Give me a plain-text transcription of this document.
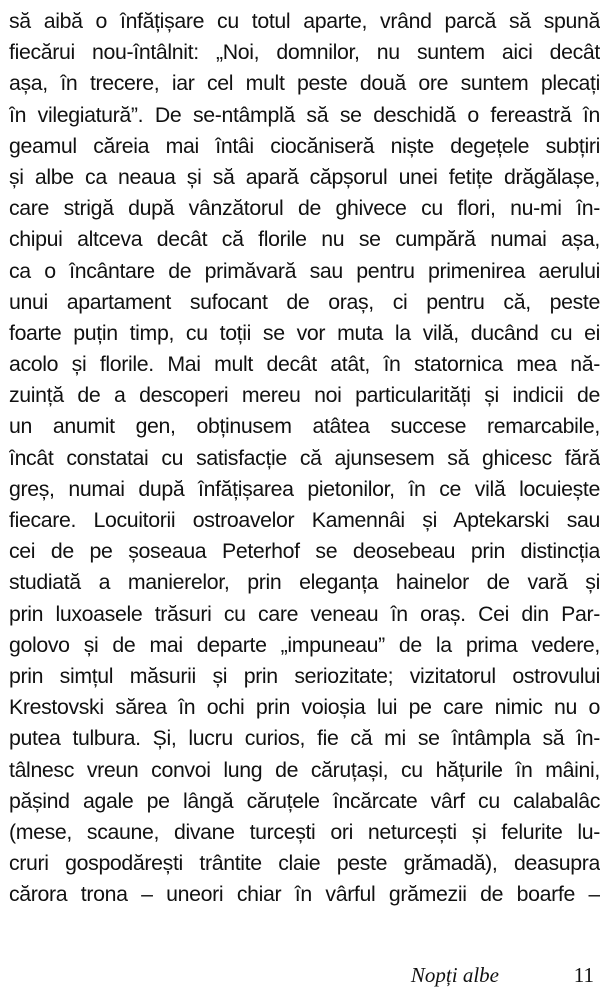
să aibă o înfățișare cu totul aparte, vrând parcă să spună
fiecărui nou-întâlnit: „Noi, domnilor, nu suntem aici decât
așa, în trecere, iar cel mult peste două ore suntem plecați
în vilegiatură”. De se-ntâmplă să se deschidă o fereastră în
geamul căreia mai întâi ciocăniseră niște degețele subțiri
și albe ca neaua și să apară căpșorul unei fetițe drăgălașe,
care strigă după vânzătorul de ghivece cu flori, nu-mi în-
chipui altceva decât că florile nu se cumpără numai așa,
ca o încântare de primăvară sau pentru primenirea aerului
unui apartament sufocant de oraș, ci pentru că, peste
foarte puțin timp, cu toții se vor muta la vilă, ducând cu ei
acolo și florile. Mai mult decât atât, în statornica mea nă-
zuință de a descoperi mereu noi particularități și indicii de
un anumit gen, obținusem atâtea succese remarcabile,
încât constatai cu satisfacție că ajunsesem să ghicesc fără
greș, numai după înfățișarea pietonilor, în ce vilă locuiește
fiecare. Locuitorii ostroavelor Kamennâi și Aptekarski sau
cei de pe șoseaua Peterhof se deosebeau prin distincția
studiată a manierelor, prin eleganța hainelor de vară și
prin luxoasele trăsuri cu care veneau în oraș. Cei din Par-
golovo și de mai departe „impuneau” de la prima vedere,
prin simțul măsurii și prin seriozitate; vizitatorul ostrovului
Krestovski sărea în ochi prin voioșia lui pe care nimic nu o
putea tulbura. Și, lucru curios, fie că mi se întâmpla să în-
tâlnesc vreun convoi lung de căruțași, cu hățurile în mâini,
pășind agale pe lângă căruțele încărcate vârf cu calabalâc
(mese, scaune, divane turcești ori neturcești și felurite lu-
cruri gospodărești trântite claie peste grămadă), deasupra
cărora trona – uneori chiar în vârful grămezii de boarfe –
Nopți albe	11
